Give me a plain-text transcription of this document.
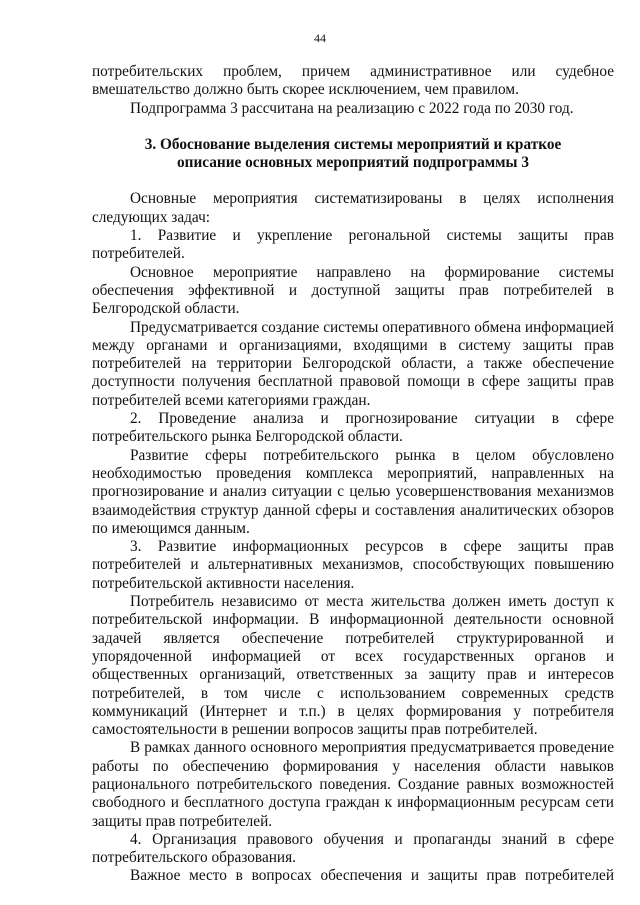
44

потребительских проблем, причем административное или судебное вмешательство должно быть скорее исключением, чем правилом.

Подпрограмма 3 рассчитана на реализацию с 2022 года по 2030 год.

3. Обоснование выделения системы мероприятий и краткое
описание основных мероприятий подпрограммы 3

Основные мероприятия систематизированы в целях исполнения следующих задач:

1. Развитие и укрепление регональной системы защиты прав потребителей.

Основное мероприятие направлено на формирование системы обеспечения эффективной и доступной защиты прав потребителей в Белгородской области.

Предусматривается создание системы оперативного обмена информацией между органами и организациями, входящими в систему защиты прав потребителей на территории Белгородской области, а также обеспечение доступности получения бесплатной правовой помощи в сфере защиты прав потребителей всеми категориями граждан.

2. Проведение анализа и прогнозирование ситуации в сфере потребительского рынка Белгородской области.

Развитие сферы потребительского рынка в целом обусловлено необходимостью проведения комплекса мероприятий, направленных на прогнозирование и анализ ситуации с целью усовершенствования механизмов взаимодействия структур данной сферы и составления аналитических обзоров по имеющимся данным.

3. Развитие информационных ресурсов в сфере защиты прав потребителей и альтернативных механизмов, способствующих повышению потребительской активности населения.

Потребитель независимо от места жительства должен иметь доступ к потребительской информации. В информационной деятельности основной задачей является обеспечение потребителей структурированной и упорядоченной информацией от всех государственных органов и общественных организаций, ответственных за защиту прав и интересов потребителей, в том числе с использованием современных средств коммуникаций (Интернет и т.п.) в целях формирования у потребителя самостоятельности в решении вопросов защиты прав потребителей.

В рамках данного основного мероприятия предусматривается проведение работы по обеспечению формирования у населения области навыков рационального потребительского поведения. Создание равных возможностей свободного и бесплатного доступа граждан к информационным ресурсам сети защиты прав потребителей.

4. Организация правового обучения и пропаганды знаний в сфере потребительского образования.

Важное место в вопросах обеспечения и защиты прав потребителей
